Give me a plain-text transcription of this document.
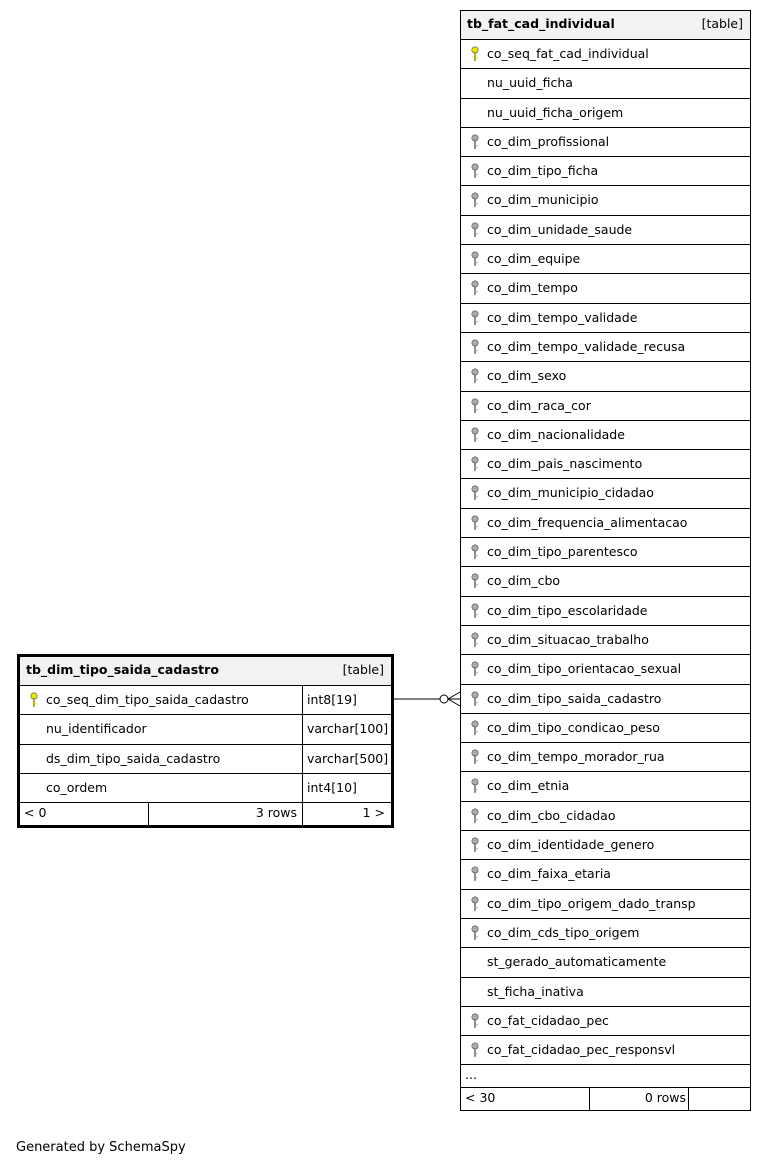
tb_fat_cad_individual	[table]
co_seq_fat_cad_individual
nu_uuid_ficha
nu_uuid_ficha_origem
co_dim_profissional
co_dim_tipo_ficha
co_dim_municipio
co_dim_unidade_saude
co_dim_equipe
co_dim_tempo
co_dim_tempo_validade
co_dim_tempo_validade_recusa
co_dim_sexo
co_dim_raca_cor
co_dim_nacionalidade
co_dim_pais_nascimento
co_dim_municipio_cidadao
co_dim_frequencia_alimentacao
co_dim_tipo_parentesco
co_dim_cbo
co_dim_tipo_escolaridade
co_dim_situacao_trabalho
co_dim_tipo_orientacao_sexual
co_dim_tipo_saida_cadastro
co_dim_tipo_condicao_peso
co_dim_tempo_morador_rua
co_dim_etnia
co_dim_cbo_cidadao
co_dim_identidade_genero
co_dim_faixa_etaria
co_dim_tipo_origem_dado_transp
co_dim_cds_tipo_origem
st_gerado_automaticamente
st_ficha_inativa
co_fat_cidadao_pec
co_fat_cidadao_pec_responsvl
...
< 30	0 rows
tb_dim_tipo_saida_cadastro	[table]
co_seq_dim_tipo_saida_cadastro	int8[19]
nu_identificador	varchar[100]
ds_dim_tipo_saida_cadastro	varchar[500]
co_ordem	int4[10]
< 0	3 rows	1 >
Generated by SchemaSpy
